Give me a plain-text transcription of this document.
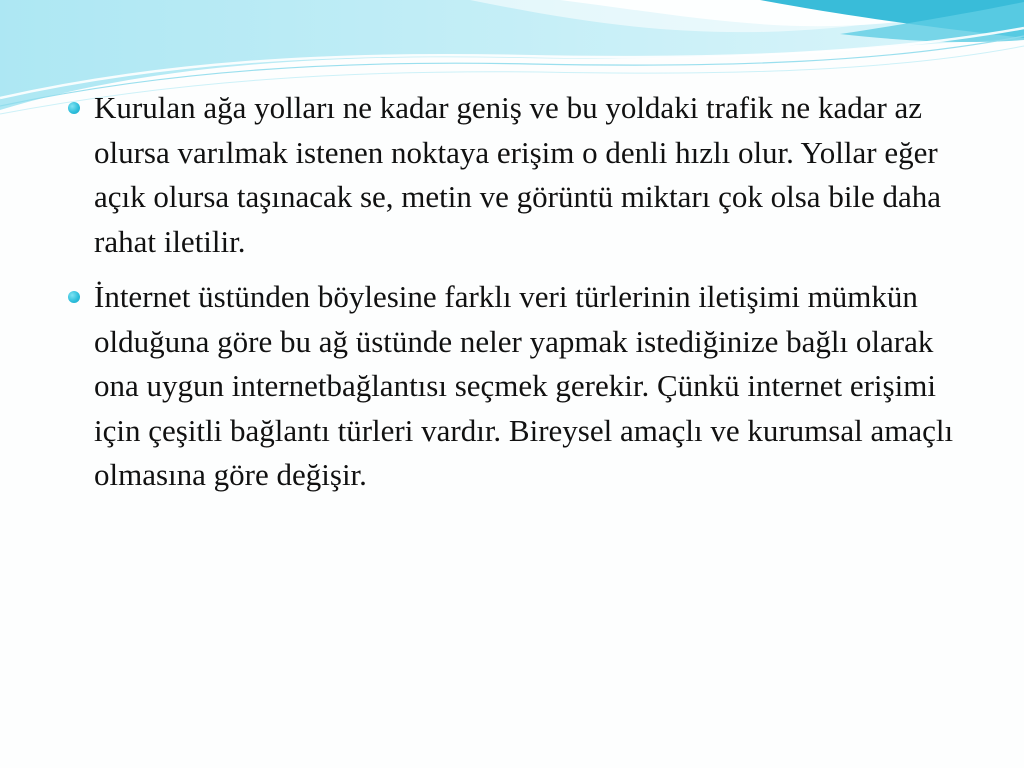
Kurulan ağa yolları ne kadar geniş ve bu yoldaki trafik ne kadar az olursa varılmak istenen noktaya erişim o denli hızlı olur. Yollar eğer açık olursa taşınacak se, metin ve görüntü miktarı çok olsa bile daha rahat iletilir.
İnternet üstünden böylesine farklı veri türlerinin iletişimi mümkün olduğuna göre bu ağ üstünde neler yapmak istediğinize bağlı olarak ona uygun internetbağlantısı seçmek gerekir. Çünkü internet erişimi için çeşitli bağlantı türleri vardır. Bireysel amaçlı ve kurumsal amaçlı olmasına göre değişir.
